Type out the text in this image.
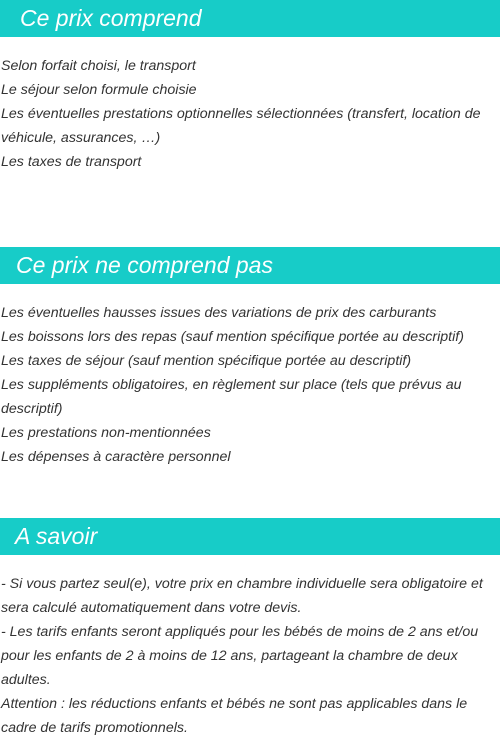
Ce prix comprend

Selon forfait choisi, le transport

Le séjour selon formule choisie

Les éventuelles prestations optionnelles sélectionnées (transfert, location de véhicule, assurances, …)

Les taxes de transport

Ce prix ne comprend pas

Les éventuelles hausses issues des variations de prix des carburants

Les boissons lors des repas (sauf mention spécifique portée au descriptif)

Les taxes de séjour (sauf mention spécifique portée au descriptif)

Les suppléments obligatoires, en règlement sur place (tels que prévus au descriptif)

Les prestations non-mentionnées

Les dépenses à caractère personnel

A savoir

- Si vous partez seul(e), votre prix en chambre individuelle sera obligatoire et sera calculé automatiquement dans votre devis.

- Les tarifs enfants seront appliqués pour les bébés de moins de 2 ans et/ou pour les enfants de 2 à moins de 12 ans, partageant la chambre de deux adultes.

Attention : les réductions enfants et bébés ne sont pas applicables dans le cadre de tarifs promotionnels.
